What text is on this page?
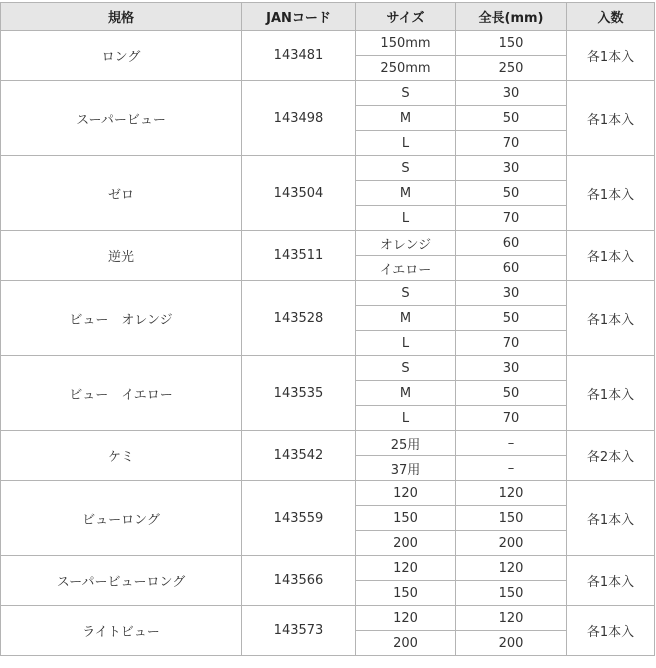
規格	JANコード	サイズ	全長(mm)	入数
ロング	143481	150mm	150	各1本入
		250mm	250	
スーパービュー	143498	S	30	各1本入
		M	50	
		L	70	
ゼロ	143504	S	30	各1本入
		M	50	
		L	70	
逆光	143511	オレンジ	60	各1本入
		イエロー	60	
ビュー　オレンジ	143528	S	30	各1本入
		M	50	
		L	70	
ビュー　イエロー	143535	S	30	各1本入
		M	50	
		L	70	
ケミ	143542	25用	–	各2本入
		37用	–	
ビューロング	143559	120	120	各1本入
		150	150	
		200	200	
スーパービューロング	143566	120	120	各1本入
		150	150	
ライトビュー	143573	120	120	各1本入
		200	200	
